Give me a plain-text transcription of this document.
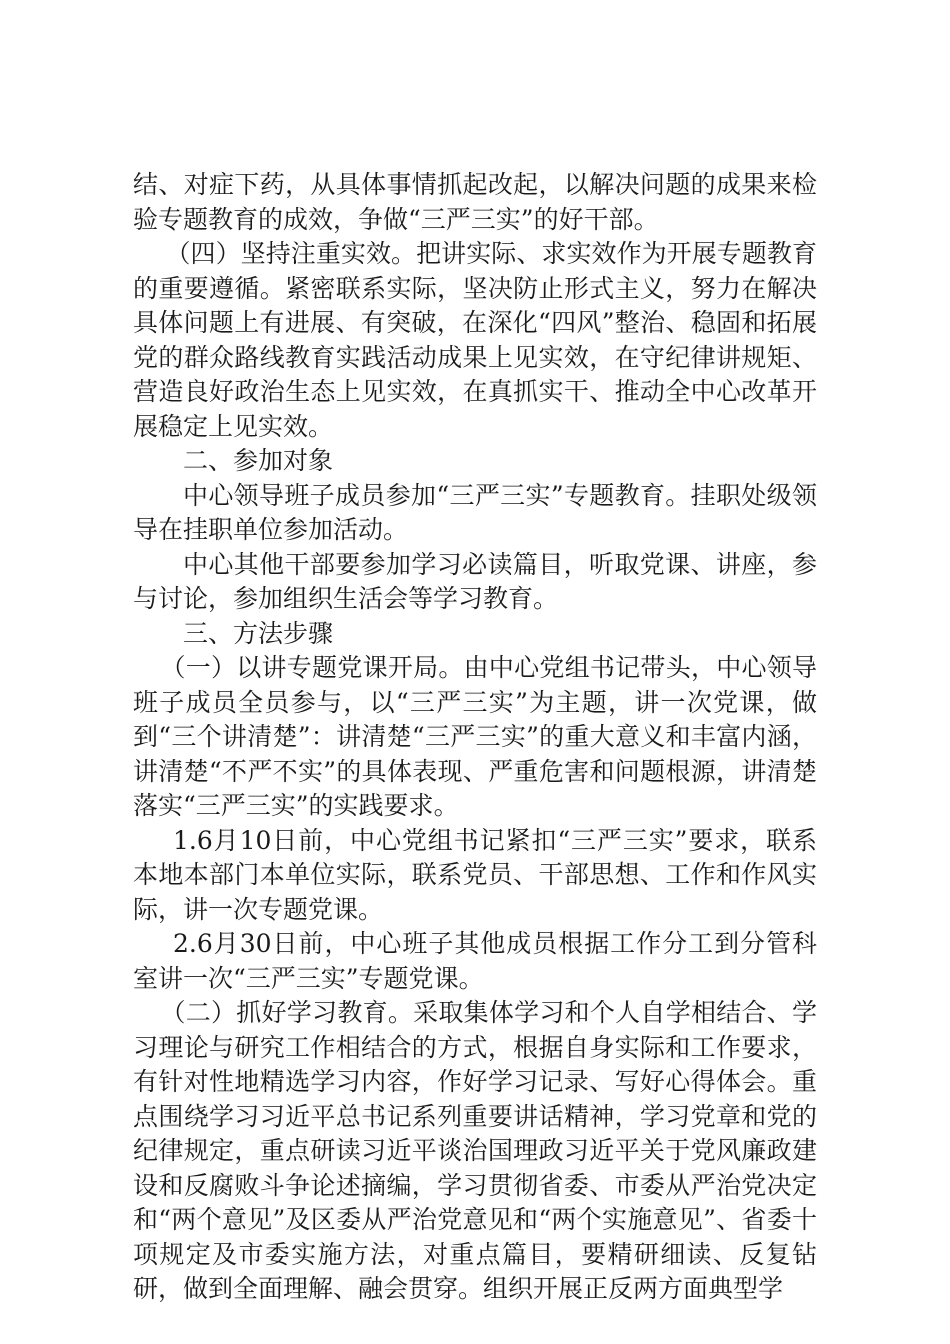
结、对症下药，从具体事情抓起改起，以解决问题的成果来检验专题教育的成效，争做“三严三实”的好干部。

（四）坚持注重实效。把讲实际、求实效作为开展专题教育的重要遵循。紧密联系实际，坚决防止形式主义，努力在解决具体问题上有进展、有突破，在深化“四风”整治、稳固和拓展党的群众路线教育实践活动成果上见实效，在守纪律讲规矩、营造良好政治生态上见实效，在真抓实干、推动全中心改革开展稳定上见实效。

二、参加对象

中心领导班子成员参加“三严三实”专题教育。挂职处级领导在挂职单位参加活动。

中心其他干部要参加学习必读篇目，听取党课、讲座，参与讨论，参加组织生活会等学习教育。

三、方法步骤

（一）以讲专题党课开局。由中心党组书记带头，中心领导班子成员全员参与，以“三严三实”为主题，讲一次党课，做到“三个讲清楚”：讲清楚“三严三实”的重大意义和丰富内涵，讲清楚“不严不实”的具体表现、严重危害和问题根源，讲清楚落实“三严三实”的实践要求。

1.6月10日前，中心党组书记紧扣“三严三实”要求，联系本地本部门本单位实际，联系党员、干部思想、工作和作风实际，讲一次专题党课。

2.6月30日前，中心班子其他成员根据工作分工到分管科室讲一次“三严三实”专题党课。

（二）抓好学习教育。采取集体学习和个人自学相结合、学习理论与研究工作相结合的方式，根据自身实际和工作要求，有针对性地精选学习内容，作好学习记录、写好心得体会。重点围绕学习习近平总书记系列重要讲话精神，学习党章和党的纪律规定，重点研读习近平谈治国理政习近平关于党风廉政建设和反腐败斗争论述摘编，学习贯彻省委、市委从严治党决定和“两个意见”及区委从严治党意见和“两个实施意见”、省委十项规定及市委实施方法，对重点篇目，要精研细读、反复钻研，做到全面理解、融会贯穿。组织开展正反两方面典型学
